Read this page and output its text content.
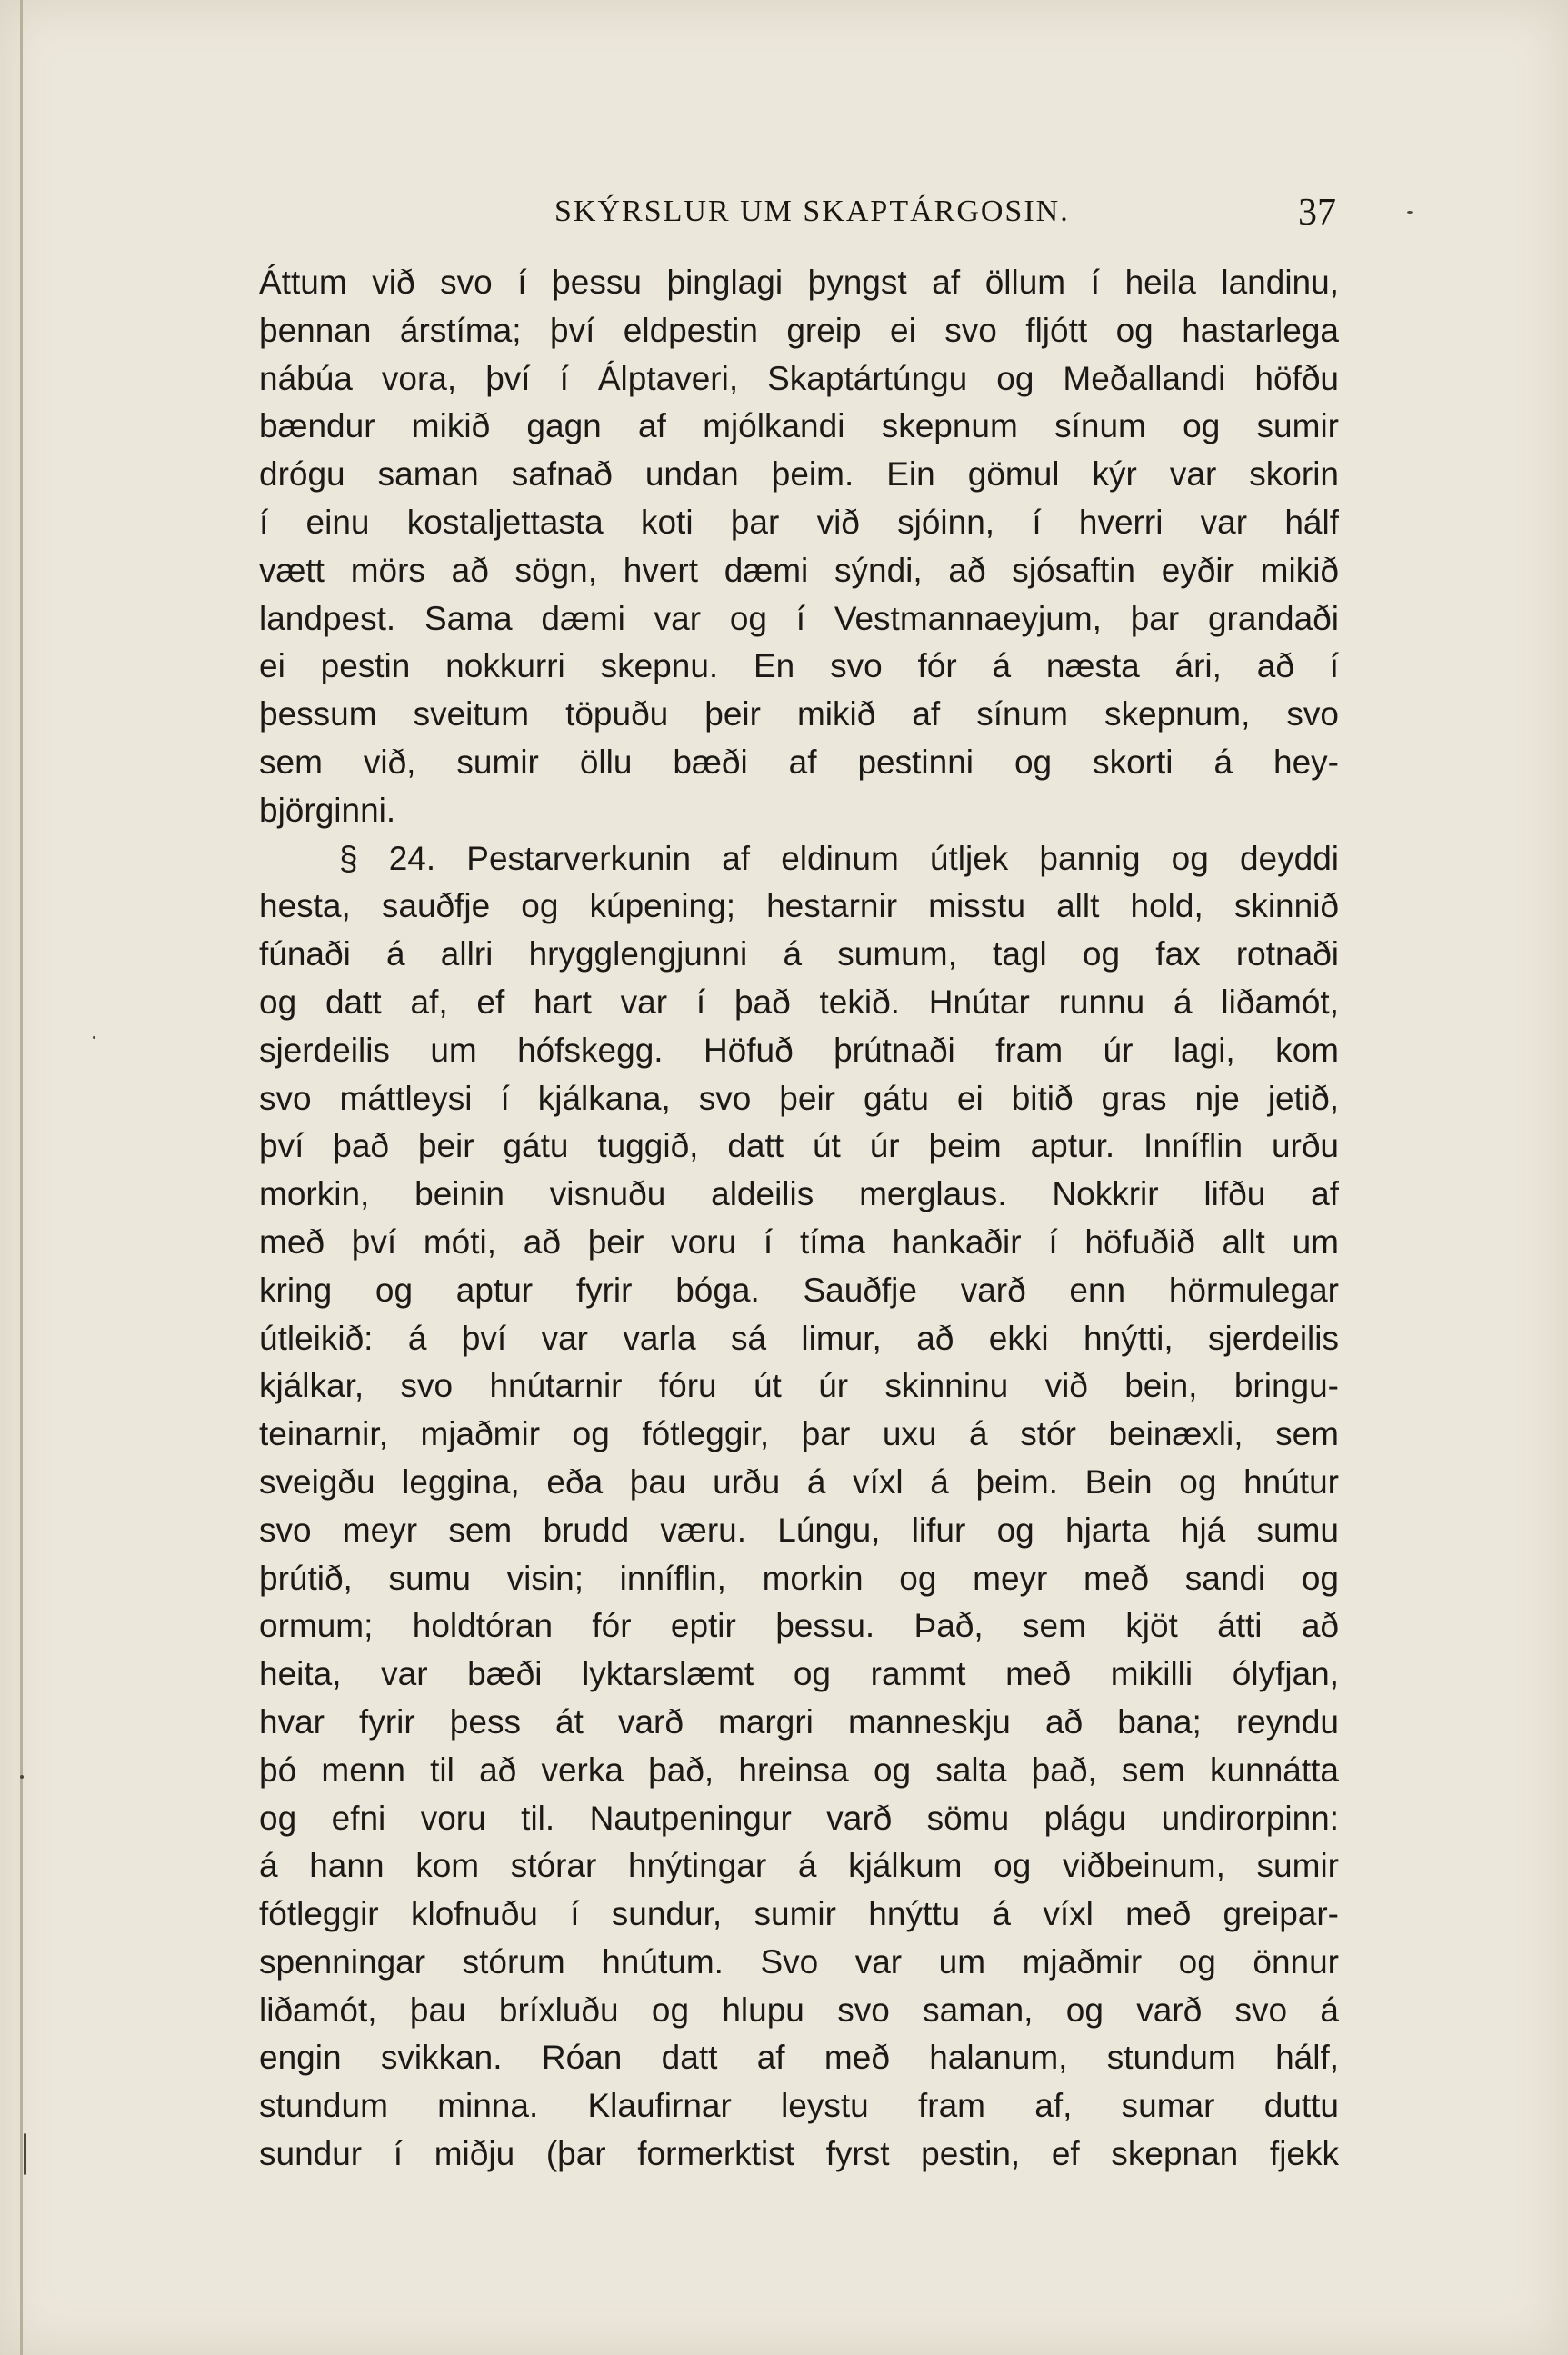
SKÝRSLUR UM SKAPTÁRGOSIN.	37
Áttum við svo í þessu þinglagi þyngst af öllum í heila landinu,
þennan árstíma; því eldpestin greip ei svo fljótt og hastarlega
nábúa vora, því í Álptaveri, Skaptártúngu og Meðallandi höfðu
bændur mikið gagn af mjólkandi skepnum sínum og sumir
drógu saman safnað undan þeim. Ein gömul kýr var skorin
í einu kostaljettasta koti þar við sjóinn, í hverri var hálf
vætt mörs að sögn, hvert dæmi sýndi, að sjósaftin eyðir mikið
landpest. Sama dæmi var og í Vestmannaeyjum, þar grandaði
ei pestin nokkurri skepnu. En svo fór á næsta ári, að í
þessum sveitum töpuðu þeir mikið af sínum skepnum, svo
sem við, sumir öllu bæði af pestinni og skorti á hey-
björginni.
§ 24. Pestarverkunin af eldinum útljek þannig og deyddi
hesta, sauðfje og kúpening; hestarnir misstu allt hold, skinnið
fúnaði á allri hrygglengjunni á sumum, tagl og fax rotnaði
og datt af, ef hart var í það tekið. Hnútar runnu á liðamót,
sjerdeilis um hófskegg. Höfuð þrútnaði fram úr lagi, kom
svo máttleysi í kjálkana, svo þeir gátu ei bitið gras nje jetið,
því það þeir gátu tuggið, datt út úr þeim aptur. Inníflin urðu
morkin, beinin visnuðu aldeilis merglaus. Nokkrir lifðu af
með því móti, að þeir voru í tíma hankaðir í höfuðið allt um
kring og aptur fyrir bóga. Sauðfje varð enn hörmulegar
útleikið: á því var varla sá limur, að ekki hnýtti, sjerdeilis
kjálkar, svo hnútarnir fóru út úr skinninu við bein, bringu-
teinarnir, mjaðmir og fótleggir, þar uxu á stór beinæxli, sem
sveigðu leggina, eða þau urðu á víxl á þeim. Bein og hnútur
svo meyr sem brudd væru. Lúngu, lifur og hjarta hjá sumu
þrútið, sumu visin; inníflin, morkin og meyr með sandi og
ormum; holdtóran fór eptir þessu. Það, sem kjöt átti að
heita, var bæði lyktarslæmt og rammt með mikilli ólyfjan,
hvar fyrir þess át varð margri manneskju að bana; reyndu
þó menn til að verka það, hreinsa og salta það, sem kunnátta
og efni voru til. Nautpeningur varð sömu plágu undirorpinn:
á hann kom stórar hnýtingar á kjálkum og viðbeinum, sumir
fótleggir klofnuðu í sundur, sumir hnýttu á víxl með greipar-
spenningar stórum hnútum. Svo var um mjaðmir og önnur
liðamót, þau bríxluðu og hlupu svo saman, og varð svo á
engin svikkan. Róan datt af með halanum, stundum hálf,
stundum minna. Klaufirnar leystu fram af, sumar duttu
sundur í miðju (þar formerktist fyrst pestin, ef skepnan fjekk
